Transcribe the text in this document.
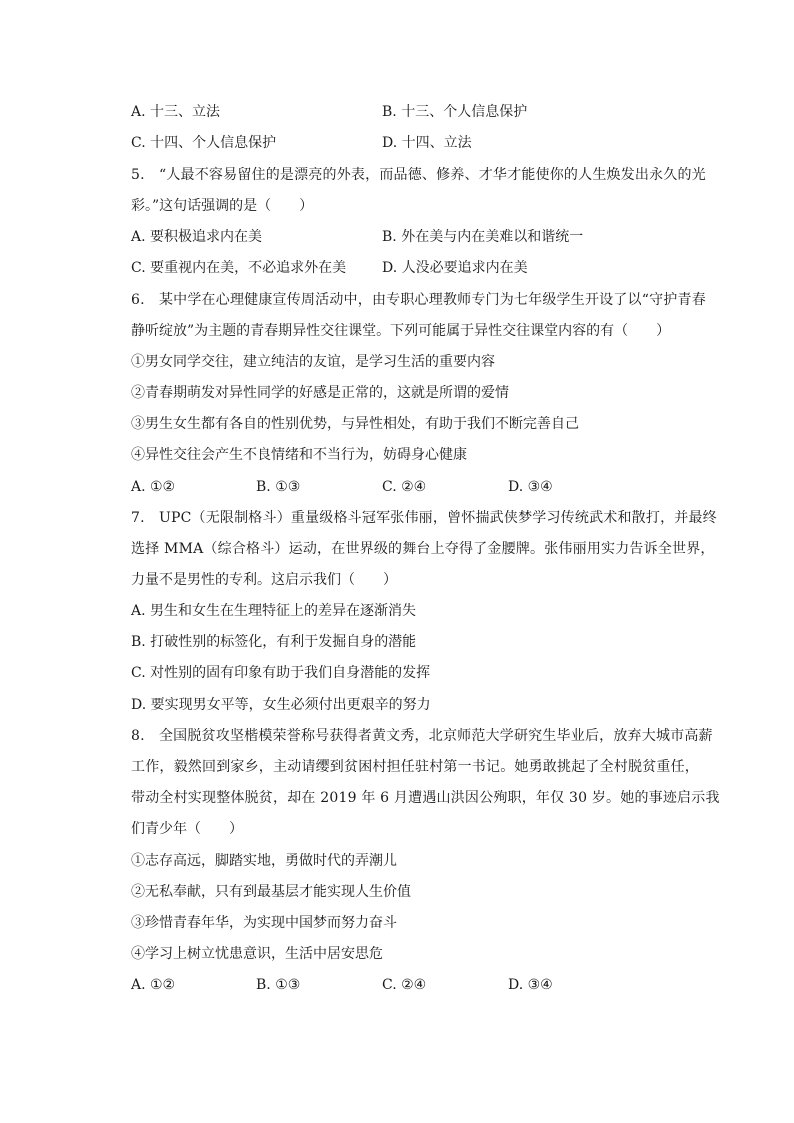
A. 十三、立法	B. 十三、个人信息保护
C. 十四、个人信息保护	D. 十四、立法
5.　“人最不容易留住的是漂亮的外表，而品德、修养、才华才能使你的人生焕发出永久的光
彩。”这句话强调的是（　　）
A. 要积极追求内在美	B. 外在美与内在美难以和谐统一
C. 要重视内在美，不必追求外在美	D. 人没必要追求内在美
6.　某中学在心理健康宣传周活动中，由专职心理教师专门为七年级学生开设了以“守护青春
静听绽放”为主题的青春期异性交往课堂。下列可能属于异性交往课堂内容的有（　　）
①男女同学交往，建立纯洁的友谊，是学习生活的重要内容
②青春期萌发对异性同学的好感是正常的，这就是所谓的爱情
③男生女生都有各自的性别优势，与异性相处，有助于我们不断完善自己
④异性交往会产生不良情绪和不当行为，妨碍身心健康
A. ①②	B. ①③	C. ②④	D. ③④
7.　UPC（无限制格斗）重量级格斗冠军张伟丽，曾怀揣武侠梦学习传统武术和散打，并最终
选择 MMA（综合格斗）运动，在世界级的舞台上夺得了金腰牌。张伟丽用实力告诉全世界，
力量不是男性的专利。这启示我们（　　）
A. 男生和女生在生理特征上的差异在逐渐消失
B. 打破性别的标签化，有利于发掘自身的潜能
C. 对性别的固有印象有助于我们自身潜能的发挥
D. 要实现男女平等，女生必须付出更艰辛的努力
8.　全国脱贫攻坚楷模荣誉称号获得者黄文秀，北京师范大学研究生毕业后，放弃大城市高薪
工作，毅然回到家乡，主动请缨到贫困村担任驻村第一书记。她勇敢挑起了全村脱贫重任，
带动全村实现整体脱贫，却在 2019 年 6 月遭遇山洪因公殉职，年仅 30 岁。她的事迹启示我
们青少年（　　）
①志存高远，脚踏实地，勇做时代的弄潮儿
②无私奉献，只有到最基层才能实现人生价值
③珍惜青春年华，为实现中国梦而努力奋斗
④学习上树立忧患意识，生活中居安思危
A. ①②	B. ①③	C. ②④	D. ③④
